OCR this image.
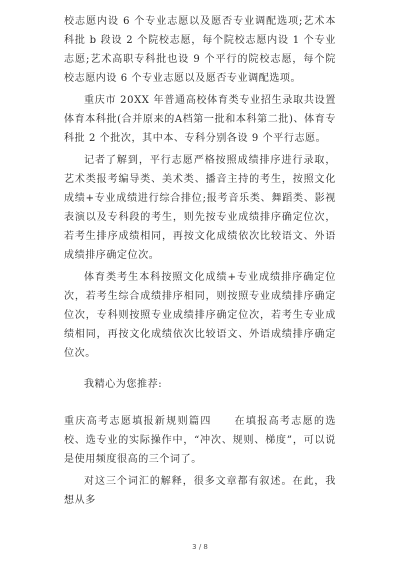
校志愿内设 6 个专业志愿以及愿否专业调配选项;艺术本科批 b 段设 2 个院校志愿，每个院校志愿内设 1 个专业志愿;艺术高职专科批也设 9 个平行的院校志愿，每个院校志愿内设 6 个专业志愿以及愿否专业调配选项。

重庆市 20XX 年普通高校体育类专业招生录取共设置体育本科批(合并原来的A档第一批和本科第二批)、体育专科批 2 个批次，其中本、专科分别各设 9 个平行志愿。

记者了解到，平行志愿严格按照成绩排序进行录取，艺术类报考编导类、美术类、播音主持的考生，按照文化成绩+专业成绩进行综合排位;报考音乐类、舞蹈类、影视表演以及专科段的考生，则先按专业成绩排序确定位次，若考生排序成绩相同，再按文化成绩依次比较语文、外语成绩排序确定位次。

体育类考生本科按照文化成绩+专业成绩排序确定位次，若考生综合成绩排序相同，则按照专业成绩排序确定位次，专科则按照专业成绩排序确定位次，若考生专业成绩相同，再按文化成绩依次比较语文、外语成绩排序确定位次。

我精心为您推荐:

重庆高考志愿填报新规则篇四　　在填报高考志愿的选校、选专业的实际操作中，“冲次、规则、梯度”，可以说是使用频度很高的三个词了。

对这三个词汇的解释，很多文章都有叙述。在此，我想从多

3 / 8
